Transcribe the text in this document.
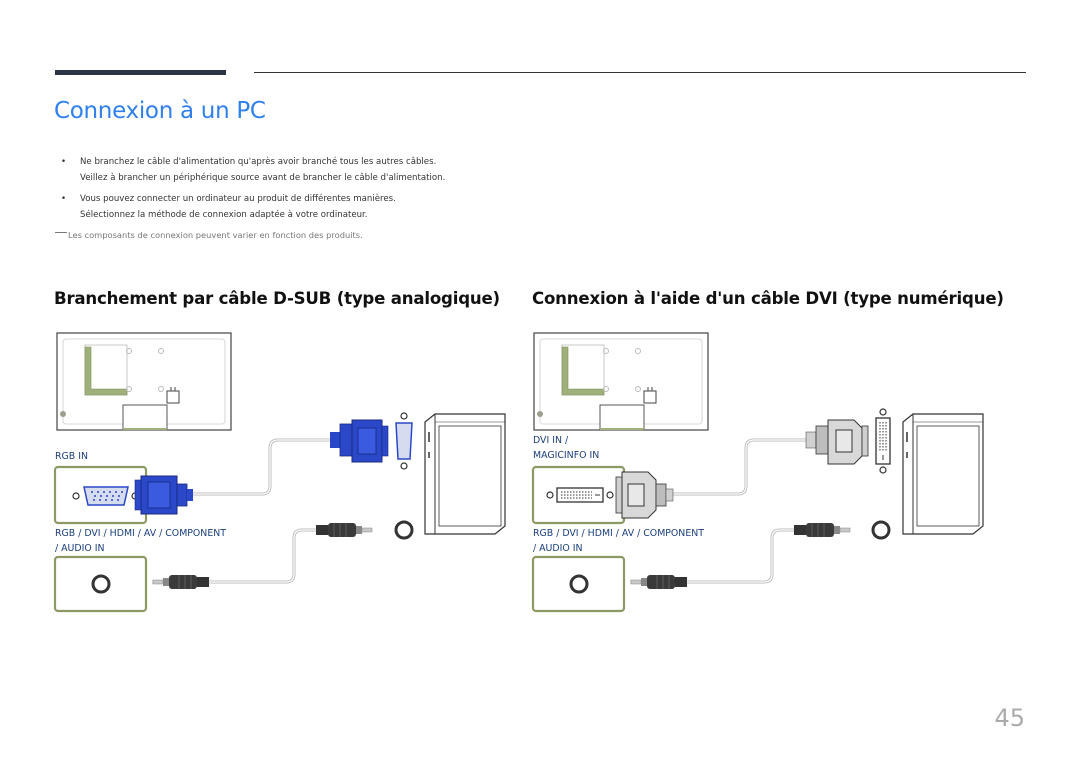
Connexion à un PC
• Ne branchez le câble d'alimentation qu'après avoir branché tous les autres câbles.
Veillez à brancher un périphérique source avant de brancher le câble d'alimentation.
• Vous pouvez connecter un ordinateur au produit de différentes manières.
Sélectionnez la méthode de connexion adaptée à votre ordinateur.
Les composants de connexion peuvent varier en fonction des produits.
Branchement par câble D-SUB (type analogique) Connexion à l'aide d'un câble DVI (type numérique)
RGB IN
RGB / DVI / HDMI / AV / COMPONENT
/ AUDIO IN
DVI IN /
MAGICINFO IN
RGB / DVI / HDMI / AV / COMPONENT
/ AUDIO IN
45
